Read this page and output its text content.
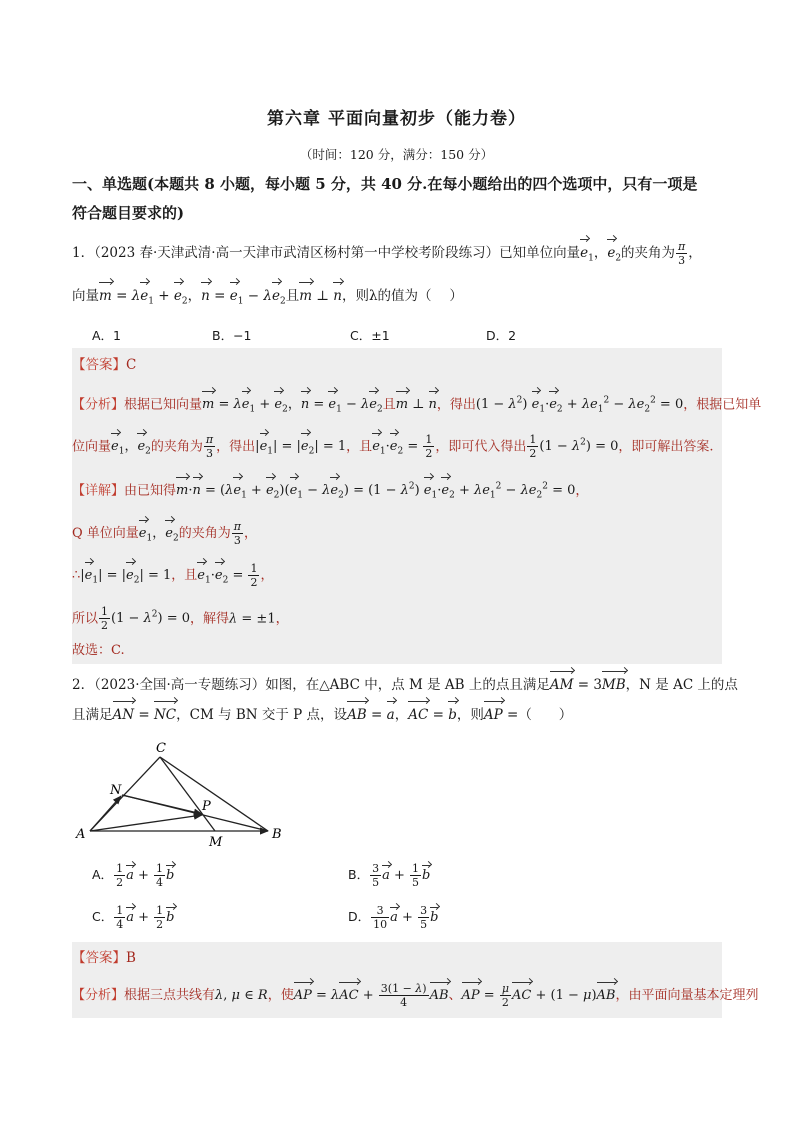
第六章 平面向量初步（能力卷）
（时间：120 分，满分：150 分）
一、单选题(本题共 8 小题，每小题 5 分，共 40 分.在每小题给出的四个选项中，只有一项是
符合题目要求的)
1．（2023 春·天津武清·高一天津市武清区杨村第一中学校考阶段练习）已知单位向量$e_1$，$e_2$的夹角为 $\frac{\pi}{3}$ ，
向量$m = \lambda e_1 + e_2$，$n = e_1 - \lambda e_2$且m ⊥ n，则λ的值为（　 ）
A．1	B．−1	C．±1	D．2
【答案】C
【分析】根据已知向量$m = \lambda e_1 + e_2$，$n = e_1 - \lambda e_2$且m ⊥ n，得出$(1 - \lambda^2)$ $e_1\cdot e_2 + \lambda e_1^2 - \lambda e_2^2 = 0$，根据已知单
位向量$e_1$，$e_2$的夹角为 $\frac{\pi}{3}$ ，得出$|e_1| = |e_2| = 1$，且$e_1\cdot e_2 = \frac{1}{2}$ ，即可代入得出 $\frac{1}{2} (1 - \lambda^2) = 0$，即可解出答案.
【详解】由已知得$m\cdot n = (\lambda e_1 + e_2)(e_1 - \lambda e_2) = (1 - \lambda^2) e_1\cdot e_2 + \lambda e_1^2 - \lambda e_2^2 = 0$，
Q 单位向量$e_1$，$e_2$的夹角为 $\frac{\pi}{3}$ ，
$\therefore|e_1| = |e_2| = 1$，且$e_1\cdot e_2 = \frac{1}{2}$ ，
所以 $\frac{1}{2} (1 - \lambda^2) = 0$，解得λ = ±1，
故选：C.
2．（2023·全国·高一专题练习）如图，在△ABC 中，点 M 是 AB 上的点且满足AM = 3MB，N 是 AC 上的点
且满足AN = NC，CM 与 BN 交于 P 点，设AB = a，AC = b，则AP =（　　）
C
N
P
A
M
B
A． $\frac{1}{2}$ $a + \frac{1}{4}$ b	B． $\frac{3}{5}$ $a + \frac{1}{5}$ b
C． $\frac{1}{4}$ $a + \frac{1}{2}$ b	D． $\frac{3}{10}$ $a + \frac{3}{5}$ b
【答案】B
【分析】根据三点共线有λ, μ ∈ R，使AP = $\lambda AC + \frac{3(1 - \lambda)}{4}$ AB、AP = $\frac{\mu}{2}$ AC + (1 − μ)AB，由平面向量基本定理列
